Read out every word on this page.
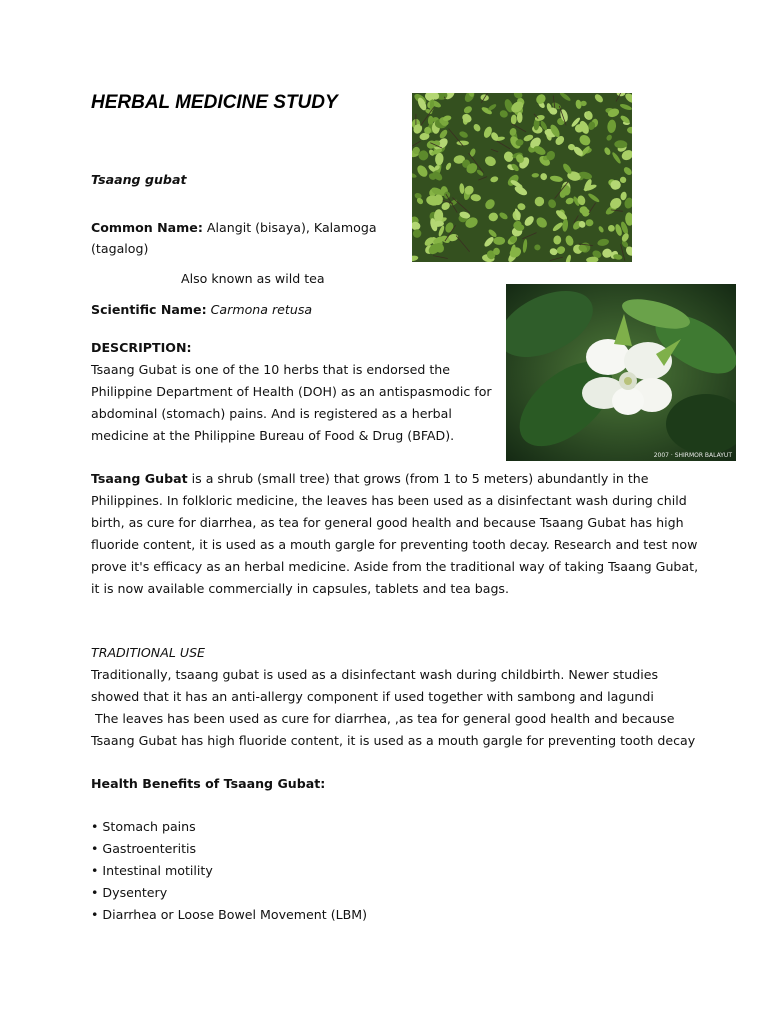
HERBAL MEDICINE STUDY
2007 · SHIRMOR BALAYUT
Tsaang gubat
Common Name: Alangit (bisaya), Kalamoga
(tagalog)
Also known as wild tea
Scientific Name: Carmona retusa
DESCRIPTION:
Tsaang Gubat is one of the 10 herbs that is endorsed the
Philippine Department of Health (DOH) as an antispasmodic for
abdominal (stomach) pains. And is registered as a herbal
medicine at the Philippine Bureau of Food & Drug (BFAD).
Tsaang Gubat is a shrub (small tree) that grows (from 1 to 5 meters) abundantly in the
Philippines. In folkloric medicine, the leaves has been used as a disinfectant wash during child
birth, as cure for diarrhea, as tea for general good health and because Tsaang Gubat has high
fluoride content, it is used as a mouth gargle for preventing tooth decay. Research and test now
prove it's efficacy as an herbal medicine. Aside from the traditional way of taking Tsaang Gubat,
it is now available commercially in capsules, tablets and tea bags.
TRADITIONAL USE
Traditionally, tsaang gubat is used as a disinfectant wash during childbirth. Newer studies
showed that it has an anti-allergy component if used together with sambong and lagundi
The leaves has been used as cure for diarrhea, ,as tea for general good health and because
Tsaang Gubat has high fluoride content, it is used as a mouth gargle for preventing tooth decay
Health Benefits of Tsaang Gubat:
• Stomach pains
• Gastroenteritis
• Intestinal motility
• Dysentery
• Diarrhea or Loose Bowel Movement (LBM)
